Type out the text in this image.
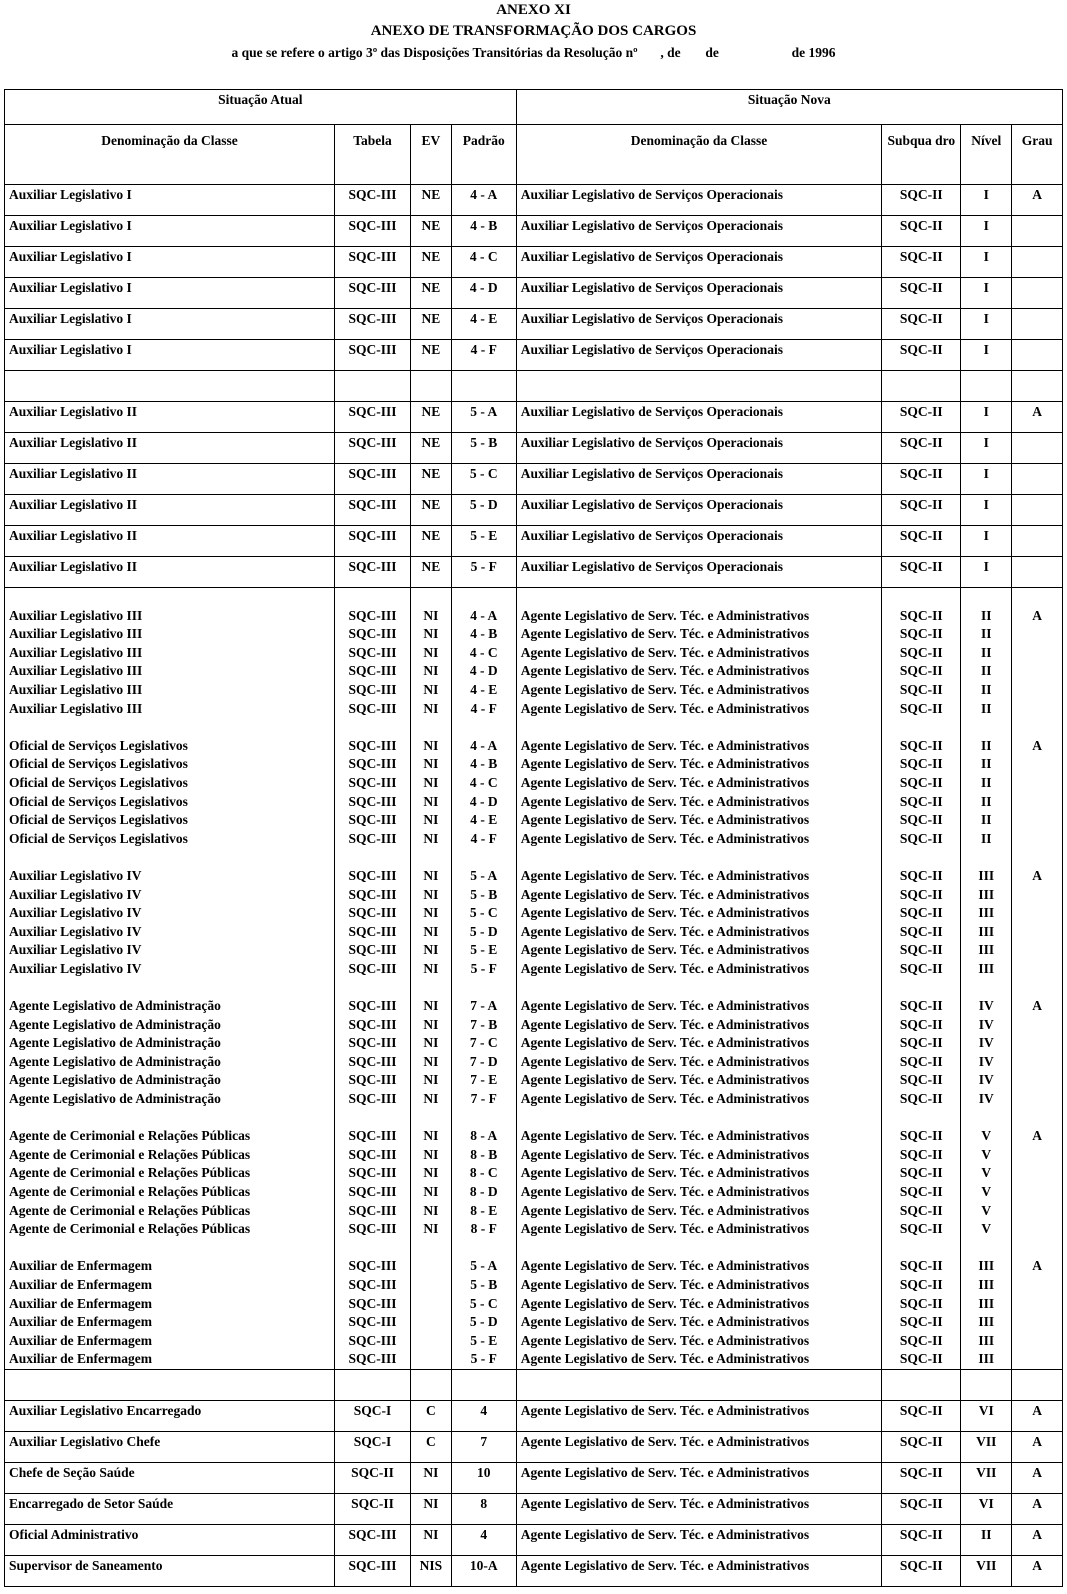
ANEXO XI
ANEXO DE TRANSFORMAÇÃO DOS CARGOS
a que se refere o artigo 3º das Disposições Transitórias da Resolução nº , de de	de 1996
Situação Atual				Situação Nova			
Denominação da Classe	Tabela	EV	Padrão	Denominação da Classe	Subqua dro	Nível	Grau
Auxiliar Legislativo I	SQC-III	NE	4 - A	Auxiliar Legislativo de Serviços Operacionais	SQC-II	I	A
Auxiliar Legislativo I	SQC-III	NE	4 - B	Auxiliar Legislativo de Serviços Operacionais	SQC-II	I	
Auxiliar Legislativo I	SQC-III	NE	4 - C	Auxiliar Legislativo de Serviços Operacionais	SQC-II	I	
Auxiliar Legislativo I	SQC-III	NE	4 - D	Auxiliar Legislativo de Serviços Operacionais	SQC-II	I	
Auxiliar Legislativo I	SQC-III	NE	4 - E	Auxiliar Legislativo de Serviços Operacionais	SQC-II	I	
Auxiliar Legislativo I	SQC-III	NE	4 - F	Auxiliar Legislativo de Serviços Operacionais	SQC-II	I	

Auxiliar Legislativo II	SQC-III	NE	5 - A	Auxiliar Legislativo de Serviços Operacionais	SQC-II	I	A
Auxiliar Legislativo II	SQC-III	NE	5 - B	Auxiliar Legislativo de Serviços Operacionais	SQC-II	I	
Auxiliar Legislativo II	SQC-III	NE	5 - C	Auxiliar Legislativo de Serviços Operacionais	SQC-II	I	
Auxiliar Legislativo II	SQC-III	NE	5 - D	Auxiliar Legislativo de Serviços Operacionais	SQC-II	I	
Auxiliar Legislativo II	SQC-III	NE	5 - E	Auxiliar Legislativo de Serviços Operacionais	SQC-II	I	
Auxiliar Legislativo II	SQC-III	NE	5 - F	Auxiliar Legislativo de Serviços Operacionais	SQC-II	I	

Auxiliar Legislativo III	SQC-III	NI	4 - A	Agente Legislativo de Serv. Téc. e Administrativos	SQC-II	II	A
Auxiliar Legislativo III	SQC-III	NI	4 - B	Agente Legislativo de Serv. Téc. e Administrativos	SQC-II	II	
Auxiliar Legislativo III	SQC-III	NI	4 - C	Agente Legislativo de Serv. Téc. e Administrativos	SQC-II	II	
Auxiliar Legislativo III	SQC-III	NI	4 - D	Agente Legislativo de Serv. Téc. e Administrativos	SQC-II	II	
Auxiliar Legislativo III	SQC-III	NI	4 - E	Agente Legislativo de Serv. Téc. e Administrativos	SQC-II	II	
Auxiliar Legislativo III	SQC-III	NI	4 - F	Agente Legislativo de Serv. Téc. e Administrativos	SQC-II	II	

Oficial de Serviços Legislativos	SQC-III	NI	4 - A	Agente Legislativo de Serv. Téc. e Administrativos	SQC-II	II	A
Oficial de Serviços Legislativos	SQC-III	NI	4 - B	Agente Legislativo de Serv. Téc. e Administrativos	SQC-II	II	
Oficial de Serviços Legislativos	SQC-III	NI	4 - C	Agente Legislativo de Serv. Téc. e Administrativos	SQC-II	II	
Oficial de Serviços Legislativos	SQC-III	NI	4 - D	Agente Legislativo de Serv. Téc. e Administrativos	SQC-II	II	
Oficial de Serviços Legislativos	SQC-III	NI	4 - E	Agente Legislativo de Serv. Téc. e Administrativos	SQC-II	II	
Oficial de Serviços Legislativos	SQC-III	NI	4 - F	Agente Legislativo de Serv. Téc. e Administrativos	SQC-II	II	

Auxiliar Legislativo IV	SQC-III	NI	5 - A	Agente Legislativo de Serv. Téc. e Administrativos	SQC-II	III	A
Auxiliar Legislativo IV	SQC-III	NI	5 - B	Agente Legislativo de Serv. Téc. e Administrativos	SQC-II	III	
Auxiliar Legislativo IV	SQC-III	NI	5 - C	Agente Legislativo de Serv. Téc. e Administrativos	SQC-II	III	
Auxiliar Legislativo IV	SQC-III	NI	5 - D	Agente Legislativo de Serv. Téc. e Administrativos	SQC-II	III	
Auxiliar Legislativo IV	SQC-III	NI	5 - E	Agente Legislativo de Serv. Téc. e Administrativos	SQC-II	III	
Auxiliar Legislativo IV	SQC-III	NI	5 - F	Agente Legislativo de Serv. Téc. e Administrativos	SQC-II	III	

Agente Legislativo de Administração	SQC-III	NI	7 - A	Agente Legislativo de Serv. Téc. e Administrativos	SQC-II	IV	A
Agente Legislativo de Administração	SQC-III	NI	7 - B	Agente Legislativo de Serv. Téc. e Administrativos	SQC-II	IV	
Agente Legislativo de Administração	SQC-III	NI	7 - C	Agente Legislativo de Serv. Téc. e Administrativos	SQC-II	IV	
Agente Legislativo de Administração	SQC-III	NI	7 - D	Agente Legislativo de Serv. Téc. e Administrativos	SQC-II	IV	
Agente Legislativo de Administração	SQC-III	NI	7 - E	Agente Legislativo de Serv. Téc. e Administrativos	SQC-II	IV	
Agente Legislativo de Administração	SQC-III	NI	7 - F	Agente Legislativo de Serv. Téc. e Administrativos	SQC-II	IV	

Agente de Cerimonial e Relações Públicas	SQC-III	NI	8 - A	Agente Legislativo de Serv. Téc. e Administrativos	SQC-II	V	A
Agente de Cerimonial e Relações Públicas	SQC-III	NI	8 - B	Agente Legislativo de Serv. Téc. e Administrativos	SQC-II	V	
Agente de Cerimonial e Relações Públicas	SQC-III	NI	8 - C	Agente Legislativo de Serv. Téc. e Administrativos	SQC-II	V	
Agente de Cerimonial e Relações Públicas	SQC-III	NI	8 - D	Agente Legislativo de Serv. Téc. e Administrativos	SQC-II	V	
Agente de Cerimonial e Relações Públicas	SQC-III	NI	8 - E	Agente Legislativo de Serv. Téc. e Administrativos	SQC-II	V	
Agente de Cerimonial e Relações Públicas	SQC-III	NI	8 - F	Agente Legislativo de Serv. Téc. e Administrativos	SQC-II	V	

Auxiliar de Enfermagem	SQC-III		5 - A	Agente Legislativo de Serv. Téc. e Administrativos	SQC-II	III	A
Auxiliar de Enfermagem	SQC-III		5 - B	Agente Legislativo de Serv. Téc. e Administrativos	SQC-II	III	
Auxiliar de Enfermagem	SQC-III		5 - C	Agente Legislativo de Serv. Téc. e Administrativos	SQC-II	III	
Auxiliar de Enfermagem	SQC-III		5 - D	Agente Legislativo de Serv. Téc. e Administrativos	SQC-II	III	
Auxiliar de Enfermagem	SQC-III		5 - E	Agente Legislativo de Serv. Téc. e Administrativos	SQC-II	III	
Auxiliar de Enfermagem	SQC-III		5 - F	Agente Legislativo de Serv. Téc. e Administrativos	SQC-II	III	

Auxiliar Legislativo Encarregado	SQC-I	C	4	Agente Legislativo de Serv. Téc. e Administrativos	SQC-II	VI	A
Auxiliar Legislativo Chefe	SQC-I	C	7	Agente Legislativo de Serv. Téc. e Administrativos	SQC-II	VII	A
Chefe de Seção Saúde	SQC-II	NI	10	Agente Legislativo de Serv. Téc. e Administrativos	SQC-II	VII	A
Encarregado de Setor Saúde	SQC-II	NI	8	Agente Legislativo de Serv. Téc. e Administrativos	SQC-II	VI	A
Oficial Administrativo	SQC-III	NI	4	Agente Legislativo de Serv. Téc. e Administrativos	SQC-II	II	A
Supervisor de Saneamento	SQC-III	NIS	10-A	Agente Legislativo de Serv. Téc. e Administrativos	SQC-II	VII	A
